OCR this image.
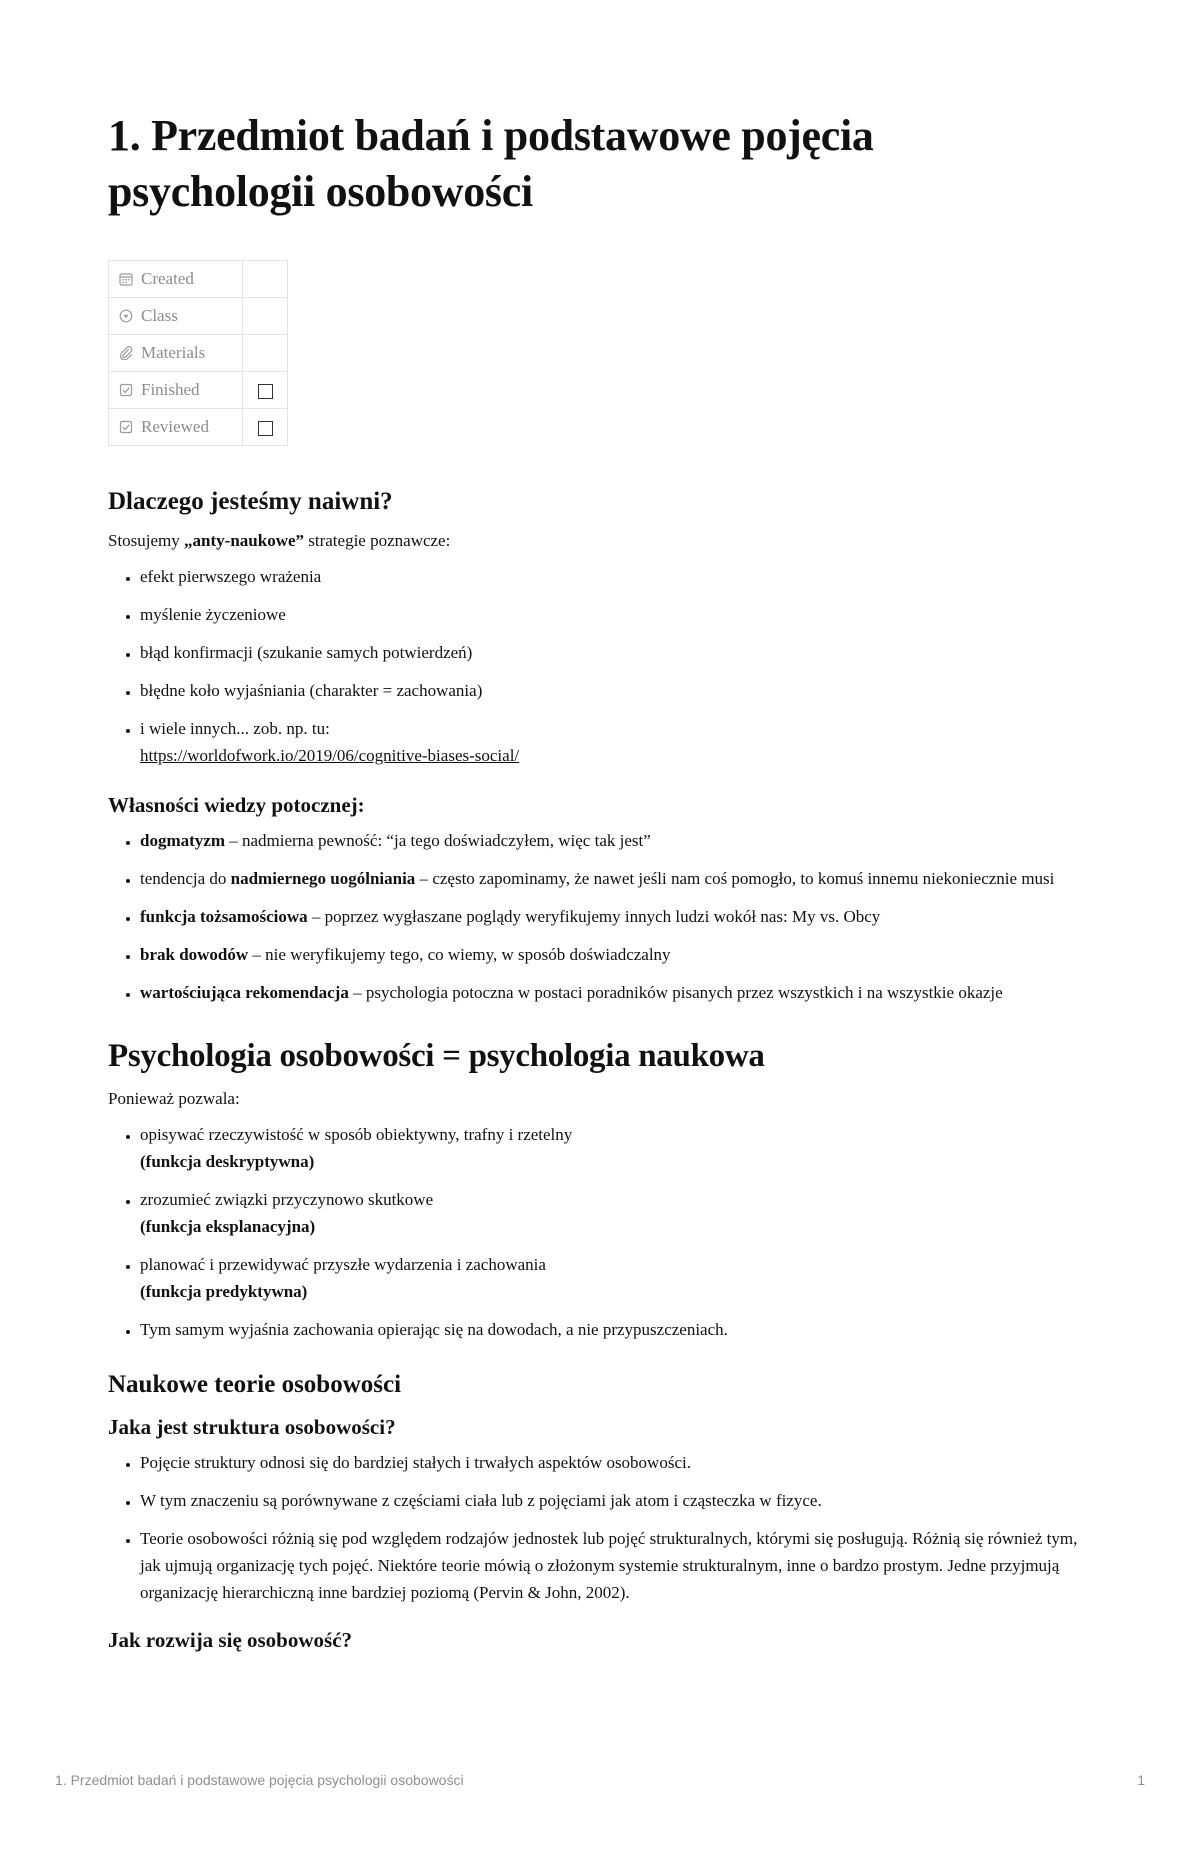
1. Przedmiot badań i podstawowe pojęcia psychologii osobowości
Created	
Class	
Materials	
Finished	
Reviewed	
Dlaczego jesteśmy naiwni?

Stosujemy „anty-naukowe” strategie poznawcze:

• efekt pierwszego wrażenia
• myślenie życzeniowe
• błąd konfirmacji (szukanie samych potwierdzeń)
• błędne koło wyjaśniania (charakter = zachowania)
• i wiele innych... zob. np. tu:
https://worldofwork.io/2019/06/cognitive-biases-social/
Własności wiedzy potocznej:
• dogmatyzm – nadmierna pewność: “ja tego doświadczyłem, więc tak jest”
• tendencja do nadmiernego uogólniania – często zapominamy, że nawet jeśli nam coś pomogło, to komuś innemu niekoniecznie musi
• funkcja tożsamościowa – poprzez wygłaszane poglądy weryfikujemy innych ludzi wokół nas: My vs. Obcy
• brak dowodów – nie weryfikujemy tego, co wiemy, w sposób doświadczalny
• wartościująca rekomendacja – psychologia potoczna w postaci poradników pisanych przez wszystkich i na wszystkie okazje
Psychologia osobowości = psychologia naukowa

Ponieważ pozwala:

• opisywać rzeczywistość w sposób obiektywny, trafny i rzetelny
(funkcja deskryptywna)
• zrozumieć związki przyczynowo skutkowe
(funkcja eksplanacyjna)
• planować i przewidywać przyszłe wydarzenia i zachowania
(funkcja predyktywna)
• Tym samym wyjaśnia zachowania opierając się na dowodach, a nie przypuszczeniach.
Naukowe teorie osobowości
Jaka jest struktura osobowości?
• Pojęcie struktury odnosi się do bardziej stałych i trwałych aspektów osobowości.
• W tym znaczeniu są porównywane z częściami ciała lub z pojęciami jak atom i cząsteczka w fizyce.
• Teorie osobowości różnią się pod względem rodzajów jednostek lub pojęć strukturalnych, którymi się posługują. Różnią się również tym, jak ujmują organizację tych pojęć. Niektóre teorie mówią o złożonym systemie strukturalnym, inne o bardzo prostym. Jedne przyjmują organizację hierarchiczną inne bardziej poziomą (Pervin & John, 2002).
Jak rozwija się osobowość?
1. Przedmiot badań i podstawowe pojęcia psychologii osobowości	1
